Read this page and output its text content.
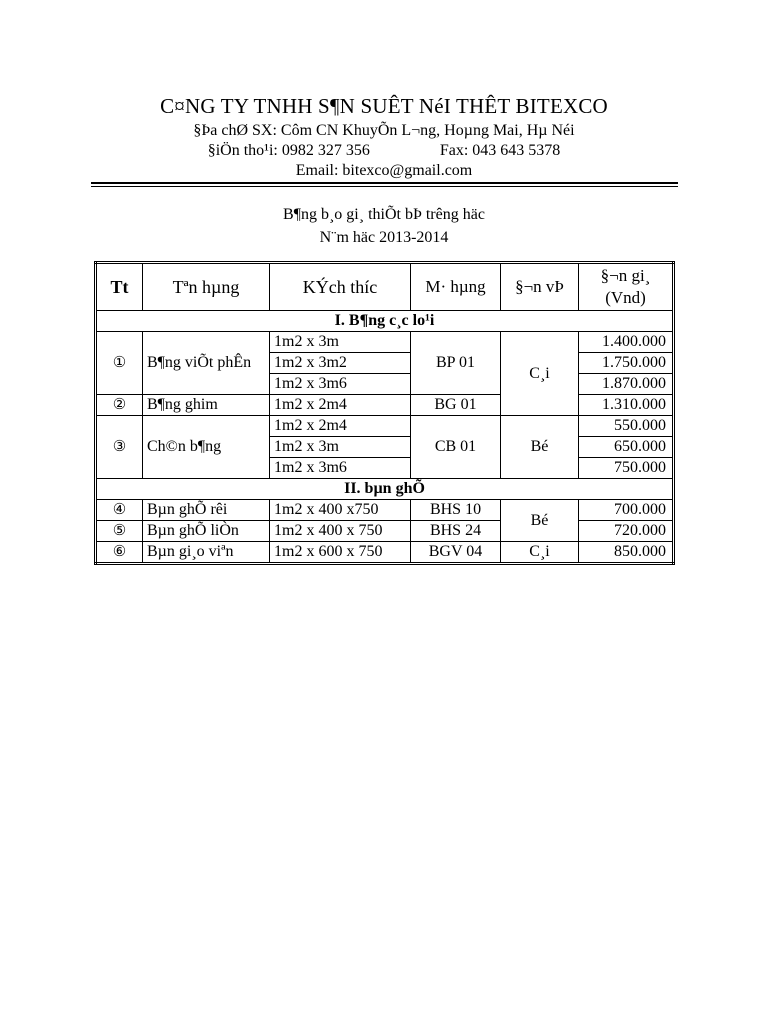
C¤NG TY TNHH S¶N SUÊT NéI THÊT BITEXCO
§Þa chØ SX: Côm CN KhuyÕn L¬ng, Hoµng Mai, Hµ Néi
§iÖn tho¹i: 0982 327 356	Fax: 043 643 5378
Email: bitexco@gmail.com
B¶ng b¸o gi¸ thiÕt bÞ trêng häc
N¨m häc 2013-2014
Tt	Tªn hµng	KÝch thíc	M· hµng	§¬n vÞ	§¬n gi¸
(Vnd)
I. B¶ng c¸c lo¹i					
①	B¶ng viÕt phÊn	1m2 x 3m	BP 01	C¸i	1.400.000
		1m2 x 3m2			1.750.000
		1m2 x 3m6			1.870.000
②	B¶ng ghim	1m2 x 2m4	BG 01		1.310.000
③	Ch©n b¶ng	1m2 x 2m4	CB 01	Bé	550.000
		1m2 x 3m			650.000
		1m2 x 3m6			750.000
II. bµn ghÕ					
④	Bµn ghÕ rêi	1m2 x 400 x750	BHS 10	Bé	700.000
⑤	Bµn ghÕ liÒn	1m2 x 400 x 750	BHS 24		720.000
⑥	Bµn gi¸o viªn	1m2 x 600 x 750	BGV 04	C¸i	850.000
